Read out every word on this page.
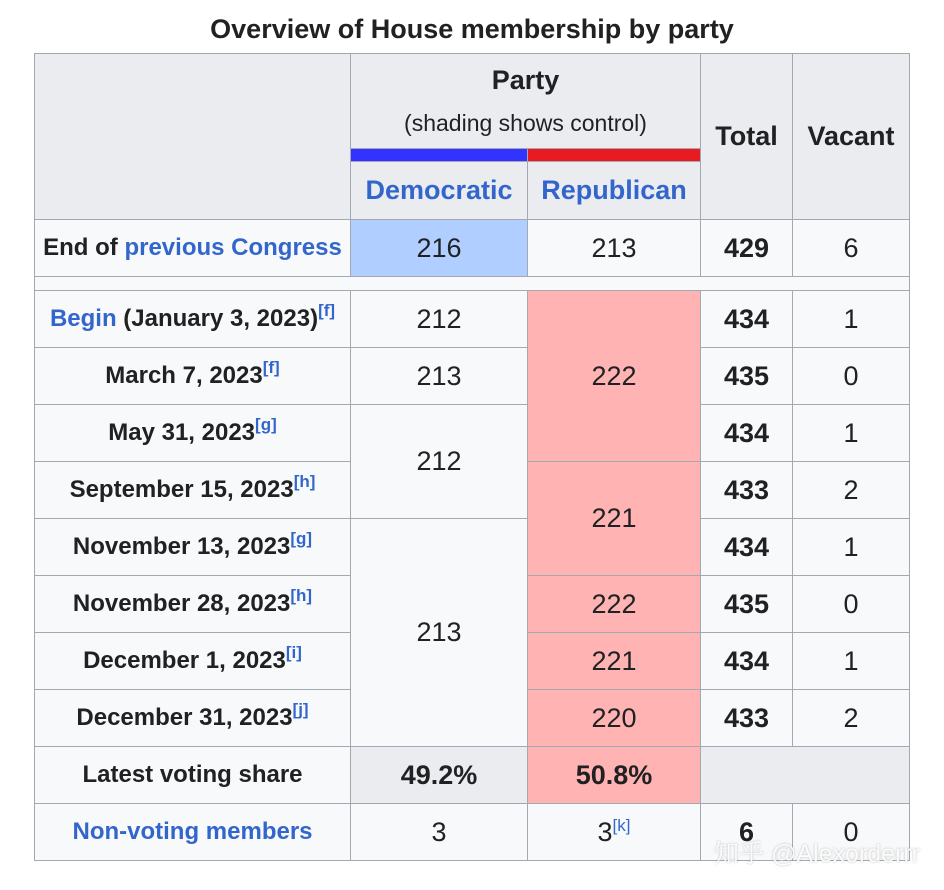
Overview of House membership by party

	Party
(shading shows control)		Total	Vacant

	Democratic	Republican		
End of previous Congress	216	213	429	6

Begin (January 3, 2023)[f]	212	222	434	1
March 7, 2023[f]	213		435	0
May 31, 2023[g]	212		434	1
September 15, 2023[h]		221	433	2
November 13, 2023[g]	213		434	1
November 28, 2023[h]		222	435	0
December 1, 2023[i]		221	434	1
December 31, 2023[j]		220	433	2
Latest voting share	49.2%	50.8%		
Non-voting members	3	3[k]	6	0
知乎 @Alexorderrr
